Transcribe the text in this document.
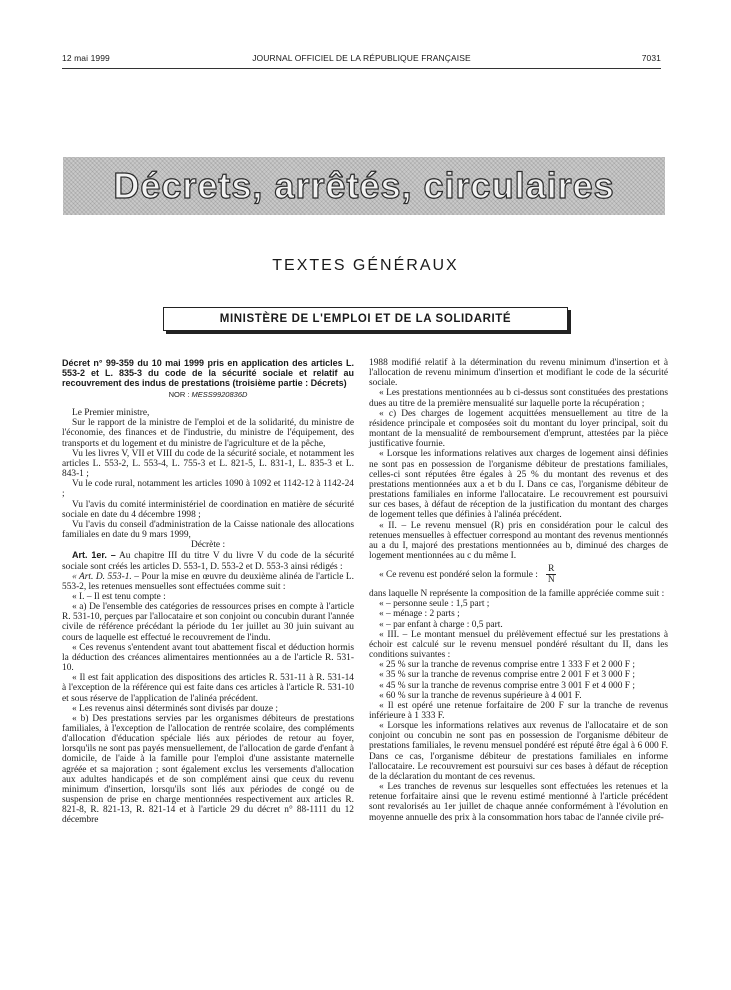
12 mai 1999	JOURNAL OFFICIEL DE LA RÉPUBLIQUE FRANÇAISE	7031
Décrets, arrêtés, circulaires
TEXTES GÉNÉRAUX
MINISTÈRE DE L'EMPLOI ET DE LA SOLIDARITÉ

Décret n° 99-359 du 10 mai 1999 pris en application des articles L. 553-2 et L. 835-3 du code de la sécurité sociale et relatif au recouvrement des indus de prestations (troisième partie : Décrets)

NOR : MESS9920836D

Le Premier ministre,

Sur le rapport de la ministre de l'emploi et de la solidarité, du ministre de l'économie, des finances et de l'industrie, du ministre de l'équipement, des transports et du logement et du ministre de l'agriculture et de la pêche,

Vu les livres V, VII et VIII du code de la sécurité sociale, et notamment les articles L. 553-2, L. 553-4, L. 755-3 et L. 821-5, L. 831-1, L. 835-3 et L. 843-1 ;

Vu le code rural, notamment les articles 1090 à 1092 et 1142-12 à 1142-24 ;

Vu l'avis du comité interministériel de coordination en matière de sécurité sociale en date du 4 décembre 1998 ;

Vu l'avis du conseil d'administration de la Caisse nationale des allocations familiales en date du 9 mars 1999,

Décrète :

Art. 1er. – Au chapitre III du titre V du livre V du code de la sécurité sociale sont créés les articles D. 553-1, D. 553-2 et D. 553-3 ainsi rédigés :

« Art. D. 553-1. – Pour la mise en œuvre du deuxième alinéa de l'article L. 553-2, les retenues mensuelles sont effectuées comme suit :

« I. – Il est tenu compte :

« a) De l'ensemble des catégories de ressources prises en compte à l'article R. 531-10, perçues par l'allocataire et son conjoint ou concubin durant l'année civile de référence précédant la période du 1er juillet au 30 juin suivant au cours de laquelle est effectué le recouvrement de l'indu.

« Ces revenus s'entendent avant tout abattement fiscal et déduction hormis la déduction des créances alimentaires mentionnées au a de l'article R. 531-10.

« Il est fait application des dispositions des articles R. 531-11 à R. 531-14 à l'exception de la référence qui est faite dans ces articles à l'article R. 531-10 et sous réserve de l'application de l'alinéa précédent.

« Les revenus ainsi déterminés sont divisés par douze ;

« b) Des prestations servies par les organismes débiteurs de prestations familiales, à l'exception de l'allocation de rentrée scolaire, des compléments d'allocation d'éducation spéciale liés aux périodes de retour au foyer, lorsqu'ils ne sont pas payés mensuellement, de l'allocation de garde d'enfant à domicile, de l'aide à la famille pour l'emploi d'une assistante maternelle agréée et sa majoration ; sont également exclus les versements d'allocation aux adultes handicapés et de son complément ainsi que ceux du revenu minimum d'insertion, lorsqu'ils sont liés aux périodes de congé ou de suspension de prise en charge mentionnées respectivement aux articles R. 821-8, R. 821-13, R. 821-14 et à l'article 29 du décret n° 88-1111 du 12 décembre

1988 modifié relatif à la détermination du revenu minimum d'insertion et à l'allocation de revenu minimum d'insertion et modifiant le code de la sécurité sociale.

« Les prestations mentionnées au b ci-dessus sont constituées des prestations dues au titre de la première mensualité sur laquelle porte la récupération ;

« c) Des charges de logement acquittées mensuellement au titre de la résidence principale et composées soit du montant du loyer principal, soit du montant de la mensualité de remboursement d'emprunt, attestées par la pièce justificative fournie.

« Lorsque les informations relatives aux charges de logement ainsi définies ne sont pas en possession de l'organisme débiteur de prestations familiales, celles-ci sont réputées être égales à 25 % du montant des revenus et des prestations mentionnées aux a et b du I. Dans ce cas, l'organisme débiteur de prestations familiales en informe l'allocataire. Le recouvrement est poursuivi sur ces bases, à défaut de réception de la justification du montant des charges de logement telles que définies à l'alinéa précédent.

« II. – Le revenu mensuel (R) pris en considération pour le calcul des retenues mensuelles à effectuer correspond au montant des revenus mentionnés au a du I, majoré des prestations mentionnées au b, diminué des charges de logement mentionnées au c du même I.

« Ce revenu est pondéré selon la formule : $\frac{R}{N}$

dans laquelle N représente la composition de la famille appréciée comme suit :

« – personne seule : 1,5 part ;

« – ménage : 2 parts ;

« – par enfant à charge : 0,5 part.

« III. – Le montant mensuel du prélèvement effectué sur les prestations à échoir est calculé sur le revenu mensuel pondéré résultant du II, dans les conditions suivantes :

« 25 % sur la tranche de revenus comprise entre 1 333 F et 2 000 F ;

« 35 % sur la tranche de revenus comprise entre 2 001 F et 3 000 F ;

« 45 % sur la tranche de revenus comprise entre 3 001 F et 4 000 F ;

« 60 % sur la tranche de revenus supérieure à 4 001 F.

« Il est opéré une retenue forfaitaire de 200 F sur la tranche de revenus inférieure à 1 333 F.

« Lorsque les informations relatives aux revenus de l'allocataire et de son conjoint ou concubin ne sont pas en possession de l'organisme débiteur de prestations familiales, le revenu mensuel pondéré est réputé être égal à 6 000 F. Dans ce cas, l'organisme débiteur de prestations familiales en informe l'allocataire. Le recouvrement est poursuivi sur ces bases à défaut de réception de la déclaration du montant de ces revenus.

« Les tranches de revenus sur lesquelles sont effectuées les retenues et la retenue forfaitaire ainsi que le revenu estimé mentionné à l'article précédent sont revalorisés au 1er juillet de chaque année conformément à l'évolution en moyenne annuelle des prix à la consommation hors tabac de l'année civile pré-
